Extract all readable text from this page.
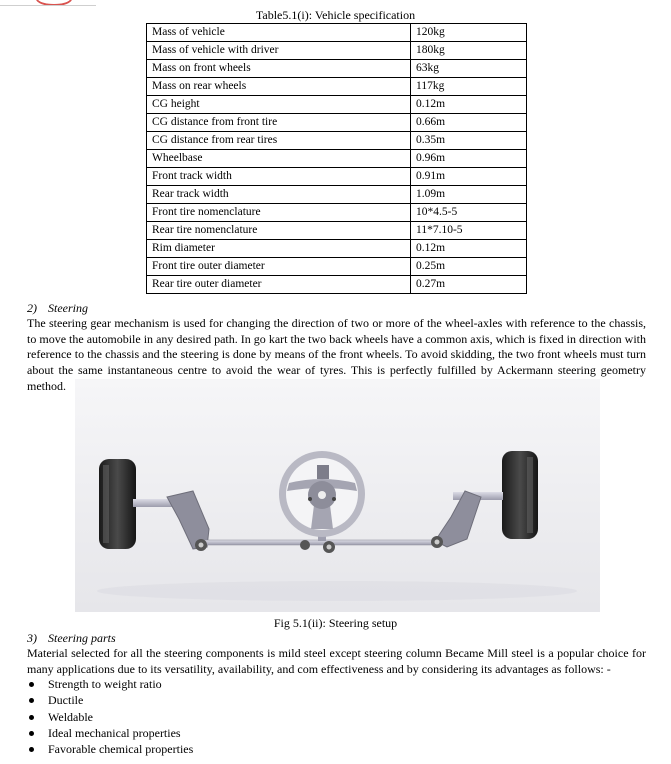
Table5.1(i): Vehicle specification
Mass of vehicle	120kg
Mass of vehicle with driver	180kg
Mass on front wheels	63kg
Mass on rear wheels	117kg
CG height	0.12m
CG distance from front tire	0.66m
CG distance from rear tires	0.35m
Wheelbase	0.96m
Front track width	0.91m
Rear track width	1.09m
Front tire nomenclature	10*4.5-5
Rear tire nomenclature	11*7.10-5
Rim diameter	0.12m
Front tire outer diameter	0.25m
Rear tire outer diameter	0.27m
2) Steering
The steering gear mechanism is used for changing the direction of two or more of the wheel-axles with reference to the chassis, to move the automobile in any desired path. In go kart the two back wheels have a common axis, which is fixed in direction with reference to the chassis and the steering is done by means of the front wheels. To avoid skidding, the two front wheels must turn about the same instantaneous centre to avoid the wear of tyres. This is perfectly fulfilled by Ackermann steering geometry method.
Fig 5.1(ii): Steering setup
3) Steering parts
Material selected for all the steering components is mild steel except steering column Became Mill steel is a popular choice for many applications due to its versatility, availability, and com effectiveness and by considering its advantages as follows: -
Strength to weight ratio
Ductile
Weldable
Ideal mechanical properties
Favorable chemical properties
